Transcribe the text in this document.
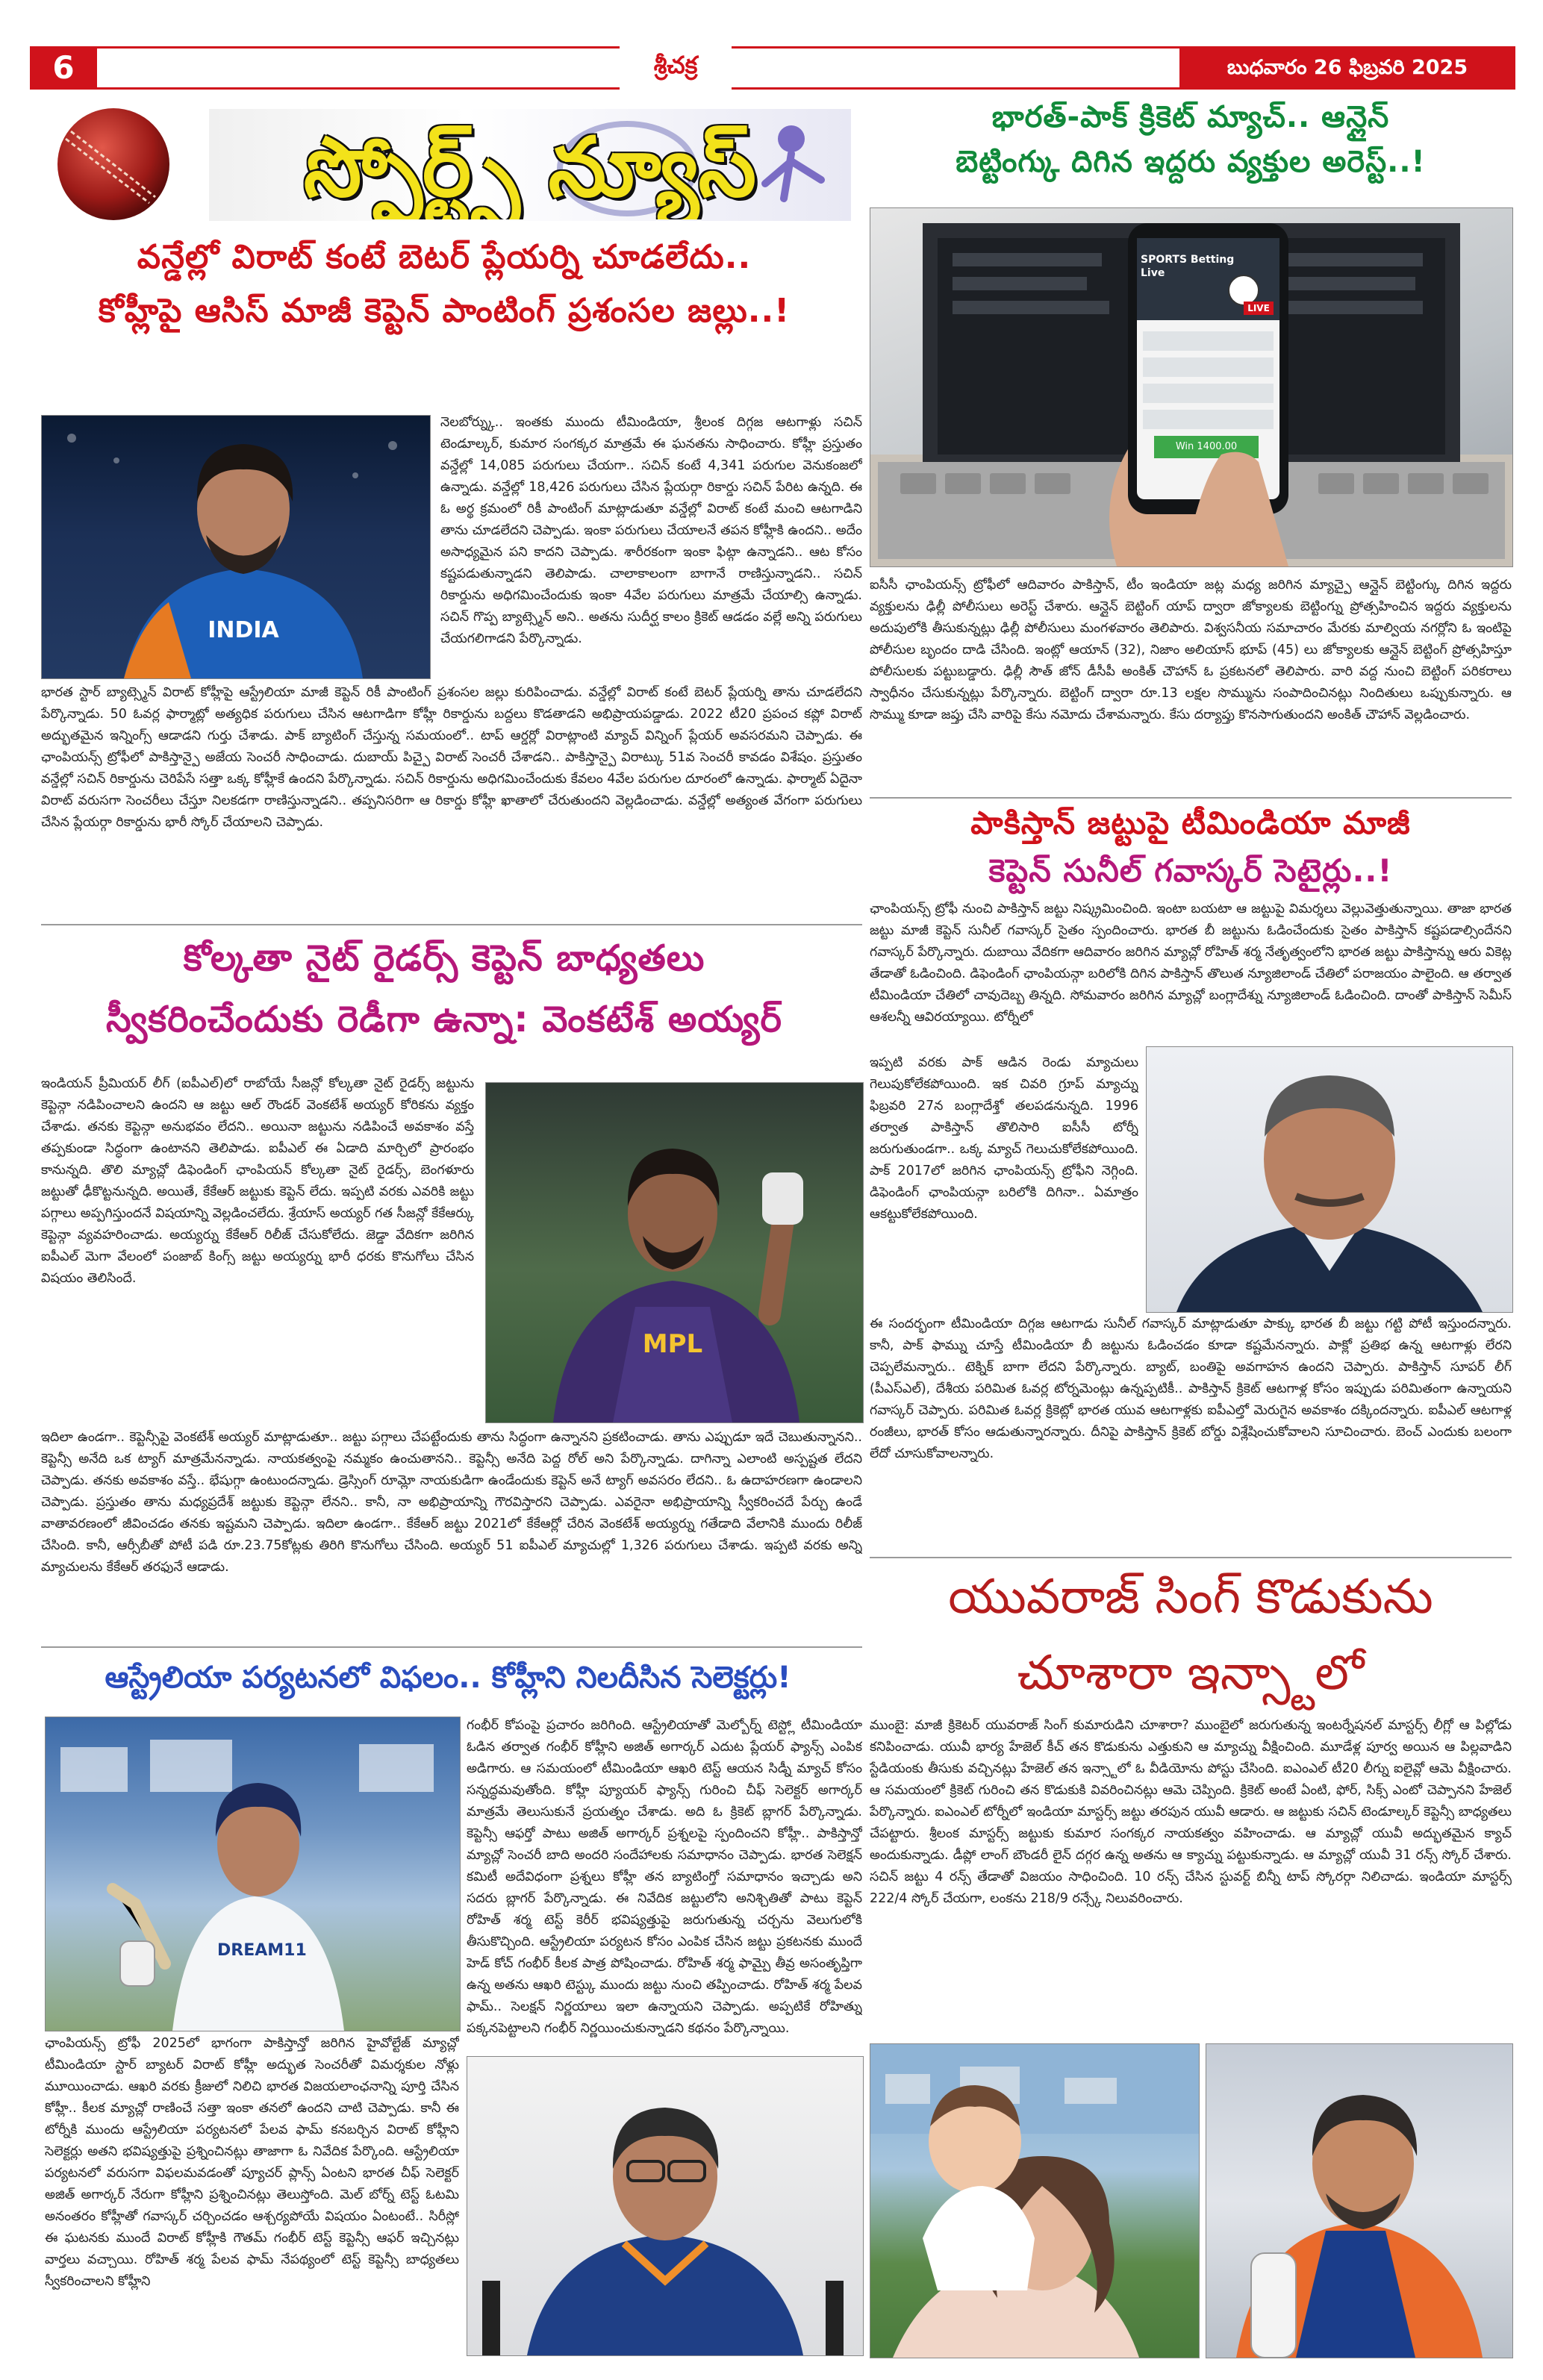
6	శ్రీచక్ర	బుధవారం 26 ఫిబ్రవరి 2025
స్పోర్ట్స్ న్యూస్
భారత్-పాక్ క్రికెట్ మ్యాచ్.. ఆన్లైన్
బెట్టింగ్కు దిగిన ఇద్దరు వ్యక్తుల అరెస్ట్..!
SPORTS Betting Live
LIVE
Win 1400.00

ఐసీసీ ఛాంపియన్స్ ట్రోఫీలో ఆదివారం పాకిస్తాన్, టీం ఇండియా జట్ల మధ్య జరిగిన మ్యాచ్పై ఆన్లైన్ బెట్టింగ్కు దిగిన ఇద్దరు వ్యక్తులను ఢిల్లీ పోలీసులు అరెస్ట్ చేశారు. ఆన్లైన్ బెట్టింగ్ యాప్ ద్వారా జోక్యాలకు బెట్టింగ్ను ప్రోత్సహించిన ఇద్దరు వ్యక్తులను అదుపులోకి తీసుకున్నట్లు ఢిల్లీ పోలీసులు మంగళవారం తెలిపారు. విశ్వసనీయ సమాచారం మేరకు మాల్వియ నగర్లోని ఓ ఇంటిపై పోలీసుల బృందం దాడి చేసింది. ఇంట్లో ఆయాన్ (32), నిజాం అలియాస్ భూప్ (45) లు జోక్యాలకు ఆన్లైన్ బెట్టింగ్ ప్రోత్సహిస్తూ పోలీసులకు పట్టుబడ్డారు. ఢిల్లీ సౌత్ జోన్ డీసీపీ అంకిత్ చౌహాన్ ఓ ప్రకటనలో తెలిపారు. వారి వద్ద నుంచి బెట్టింగ్ పరికరాలు స్వాధీనం చేసుకున్నట్లు పేర్కొన్నారు. బెట్టింగ్ ద్వారా రూ.13 లక్షల సొమ్మును సంపాదించినట్లు నిందితులు ఒప్పుకున్నారు. ఆ సొమ్ము కూడా జప్తు చేసి వారిపై కేసు నమోదు చేశామన్నారు. కేసు దర్యాప్తు కొనసాగుతుందని అంకిత్ చౌహాన్ వెల్లడించారు.

పాకిస్తాన్ జట్టుపై టీమిండియా మాజీ
కెప్టెన్ సునీల్ గవాస్కర్ సెటైర్లు..!

ఛాంపియన్స్ ట్రోఫీ నుంచి పాకిస్తాన్ జట్టు నిష్క్రమించింది. ఇంటా బయటా ఆ జట్టుపై విమర్శలు వెల్లువెత్తుతున్నాయి. తాజా భారత జట్టు మాజీ కెప్టెన్ సునీల్ గవాస్కర్ సైతం స్పందించారు. భారత బీ జట్టును ఓడించేందుకు సైతం పాకిస్తాన్ కష్టపడాల్సిందేనని గవాస్కర్ పేర్కొన్నారు. దుబాయి వేదికగా ఆదివారం జరిగిన మ్యాచ్లో రోహిత్ శర్మ నేతృత్వంలోని భారత జట్టు పాకిస్తాన్ను ఆరు వికెట్ల తేడాతో ఓడించింది. డిఫెండింగ్ ఛాంపియన్గా బరిలోకి దిగిన పాకిస్తాన్ తొలుత న్యూజిలాండ్ చేతిలో పరాజయం పాలైంది. ఆ తర్వాత టీమిండియా చేతిలో చావుదెబ్బ తిన్నది. సోమవారం జరిగిన మ్యాచ్లో బంగ్లాదేశ్ను న్యూజిలాండ్ ఓడించింది. దాంతో పాకిస్తాన్ సెమీస్ ఆశలన్నీ ఆవిరయ్యాయి. టోర్నీలో

ఇప్పటి వరకు పాక్ ఆడిన రెండు మ్యాచులు గెలుపుకోలేకపోయింది. ఇక చివరి గ్రూప్ మ్యాచ్ను ఫిబ్రవరి 27న బంగ్లాదేశ్తో తలపడనున్నది. 1996 తర్వాత పాకిస్తాన్ తొలిసారి ఐసీసీ టోర్నీ జరుగుతుండగా.. ఒక్క మ్యాచ్ గెలుచుకోలేకపోయింది. పాక్ 2017లో జరిగిన ఛాంపియన్స్ ట్రోఫీని నెగ్గింది. డిఫెండింగ్ ఛాంపియన్గా బరిలోకి దిగినా.. ఏమాత్రం ఆకట్టుకోలేకపోయింది.

ఈ సందర్భంగా టీమిండియా దిగ్గజ ఆటగాడు సునీల్ గవాస్కర్ మాట్లాడుతూ పాక్కు భారత బీ జట్టు గట్టి పోటీ ఇస్తుందన్నారు. కానీ, పాక్ ఫామ్ను చూస్తే టీమిండియా బీ జట్టును ఓడించడం కూడా కష్టమేనన్నారు. పాక్లో ప్రతిభ ఉన్న ఆటగాళ్లు లేరని చెప్పలేమన్నారు.. టెక్నిక్ బాగా లేదని పేర్కొన్నారు. బ్యాట్, బంతిపై అవగాహన ఉందని చెప్పారు. పాకిస్తాన్ సూపర్ లీగ్ (పీఎస్ఎల్), దేశీయ పరిమిత ఓవర్ల టోర్నమెంట్లు ఉన్నప్పటికీ.. పాకిస్తాన్ క్రికెట్ ఆటగాళ్ల కోసం ఇప్పుడు పరిమితంగా ఉన్నాయని గవాస్కర్ చెప్పారు. పరిమిత ఓవర్ల క్రికెట్లో భారత యువ ఆటగాళ్లకు ఐపీఎల్తో మెరుగైన అవకాశం దక్కిందన్నారు. ఐపీఎల్ ఆటగాళ్ల రంజీలు, భారత్ కోసం ఆడుతున్నారన్నారు. దీనిపై పాకిస్తాన్ క్రికెట్ బోర్డు విశ్లేషించుకోవాలని సూచించారు. బెంచ్ ఎందుకు బలంగా లేదో చూసుకోవాలన్నారు.

యువరాజ్ సింగ్ కొడుకును
చూశారా ఇన్స్టాలో

ముంబై: మాజీ క్రికెటర్ యువరాజ్ సింగ్ కుమారుడిని చూశారా? ముంబైలో జరుగుతున్న ఇంటర్నేషనల్ మాస్టర్స్ లీగ్లో ఆ పిల్లోడు కనిపించాడు. యువీ భార్య హేజెల్ కీచ్ తన కొడుకును ఎత్తుకుని ఆ మ్యాచ్ను వీక్షించింది. మూడేళ్ల పూర్వ అయిన ఆ పిల్లవాడిని స్టేడియంకు తీసుకు వచ్చినట్లు హేజెల్ తన ఇన్స్టాలో ఓ వీడియోను పోస్టు చేసింది. ఐఎంఎల్ టీ20 లీగ్ను ఐలైవ్లో ఆమె వీక్షించారు. ఆ సమయంలో క్రికెట్ గురించి తన కొడుకుకి వివరించినట్లు ఆమె చెప్పింది. క్రికెట్ అంటే ఏంటి, ఫోర్, సిక్స్ ఎంటో చెప్పానని హేజెల్ పేర్కొన్నారు. ఐఎంఎల్ టోర్నీలో ఇండియా మాస్టర్స్ జట్టు తరపున యువీ ఆడారు. ఆ జట్టుకు సచిన్ టెండూల్కర్ కెప్టెన్సీ బాధ్యతలు చేపట్టారు. శ్రీలంక మాస్టర్స్ జట్టుకు కుమార సంగక్కర నాయకత్వం వహించాడు. ఆ మ్యాచ్లో యువీ అద్భుతమైన క్యాచ్ అందుకున్నాడు. డీప్లో లాంగ్ బౌండరీ లైన్ దగ్గర ఉన్న అతను ఆ క్యాచ్ను పట్టుకున్నాడు. ఆ మ్యాచ్లో యువీ 31 రన్స్ స్కోర్ చేశారు. సచిన్ జట్టు 4 రన్స్ తేడాతో విజయం సాధించింది. 10 రన్స్ చేసిన స్టువర్ట్ బిన్నీ టాప్ స్కోరర్గా నిలిచాడు. ఇండియా మాస్టర్స్ 222/4 స్కోర్ చేయగా, లంకను 218/9 రన్స్కే నిలువరించారు.

వన్డేల్లో విరాట్ కంటే బెటర్ ప్లేయర్ని చూడలేదు..
కోహ్లీపై ఆసిస్ మాజీ కెప్టెన్ పాంటింగ్ ప్రశంసల జల్లు..!
INDIA

నెలబోర్న్కు.. ఇంతకు ముందు టీమిండియా, శ్రీలంక దిగ్గజ ఆటగాళ్లు సచిన్ టెండూల్కర్, కుమార సంగక్కర మాత్రమే ఈ ఘనతను సాధించారు. కోహ్లీ ప్రస్తుతం వన్డేల్లో 14,085 పరుగులు చేయగా.. సచిన్ కంటే 4,341 పరుగుల వెనుకంజలో ఉన్నాడు. వన్డేల్లో 18,426 పరుగులు చేసిన ప్లేయర్గా రికార్డు సచిన్ పేరిట ఉన్నది. ఈ ఓ అర్థ క్రమంలో రికీ పాంటింగ్ మాట్లాడుతూ వన్డేల్లో విరాట్ కంటే మంచి ఆటగాడిని తాను చూడలేదని చెప్పాడు. ఇంకా పరుగులు చేయాలనే తపన కోహ్లీకి ఉందని.. అదేం అసాధ్యమైన పని కాదని చెప్పాడు. శారీరకంగా ఇంకా ఫిట్గా ఉన్నాడని.. ఆట కోసం కష్టపడుతున్నాడని తెలిపాడు. చాలాకాలంగా బాగానే రాణిస్తున్నాడని.. సచిన్ రికార్డును అధిగమించేందుకు ఇంకా 4వేల పరుగులు మాత్రమే చేయాల్సి ఉన్నాడు. సచిన్ గొప్ప బ్యాట్స్మెన్ అని.. అతను సుదీర్ఘ కాలం క్రికెట్ ఆడడం వల్లే అన్ని పరుగులు చేయగలిగాడని పేర్కొన్నాడు.

భారత స్టార్ బ్యాట్స్మెన్ విరాట్ కోహ్లీపై ఆస్ట్రేలియా మాజీ కెప్టెన్ రికీ పాంటింగ్ ప్రశంసల జల్లు కురిపించాడు. వన్డేల్లో విరాట్ కంటే బెటర్ ప్లేయర్ని తాను చూడలేదని పేర్కొన్నాడు. 50 ఓవర్ల ఫార్మాట్లో అత్యధిక పరుగులు చేసిన ఆటగాడిగా కోహ్లీ రికార్డును బద్దలు కొడతాడని అభిప్రాయపడ్డాడు. 2022 టీ20 ప్రపంచ కప్లో విరాట్ అద్భుతమైన ఇన్నింగ్స్ ఆడాడని గుర్తు చేశాడు. పాక్ బ్యాటింగ్ చేస్తున్న సమయంలో.. టాప్ ఆర్డర్లో విరాట్లాంటి మ్యాచ్ విన్నింగ్ ప్లేయర్ అవసరమని చెప్పాడు. ఈ ఛాంపియన్స్ ట్రోఫీలో పాకిస్తాన్పై అజేయ సెంచరీ సాధించాడు. దుబాయ్ పిచ్పై విరాట్ సెంచరీ చేశాడని.. పాకిస్తాన్పై విరాట్కు 51వ సెంచరీ కావడం విశేషం. ప్రస్తుతం వన్డేల్లో సచిన్ రికార్డును చెరిపేసే సత్తా ఒక్క కోహ్లీకే ఉందని పేర్కొన్నాడు. సచిన్ రికార్డును అధిగమించేందుకు కేవలం 4వేల పరుగుల దూరంలో ఉన్నాడు. ఫార్మాట్ ఏదైనా విరాట్ వరుసగా సెంచరీలు చేస్తూ నిలకడగా రాణిస్తున్నాడని.. తప్పనిసరిగా ఆ రికార్డు కోహ్లీ ఖాతాలో చేరుతుందని వెల్లడించాడు. వన్డేల్లో అత్యంత వేగంగా పరుగులు చేసిన ప్లేయర్గా రికార్డును భారీ స్కోర్ చేయాలని చెప్పాడు.

కోల్కతా నైట్ రైడర్స్ కెప్టెన్ బాధ్యతలు
స్వీకరించేందుకు రెడీగా ఉన్నా: వెంకటేశ్ అయ్యర్

ఇండియన్ ప్రీమియర్ లీగ్ (ఐపీఎల్)లో రాబోయే సీజన్లో కోల్కతా నైట్ రైడర్స్ జట్టును కెప్టెన్గా నడిపించాలని ఉందని ఆ జట్టు ఆల్ రౌండర్ వెంకటేశ్ అయ్యర్ కోరికను వ్యక్తం చేశాడు. తనకు కెప్టెన్గా అనుభవం లేదని.. అయినా జట్టును నడిపించే అవకాశం వస్తే తప్పకుండా సిద్ధంగా ఉంటానని తెలిపాడు. ఐపీఎల్ ఈ ఏడాది మార్చిలో ప్రారంభం కానున్నది. తొలి మ్యాచ్లో డిఫెండింగ్ ఛాంపియన్ కోల్కతా నైట్ రైడర్స్, బెంగళూరు జట్టుతో ఢీకొట్టనున్నది. అయితే, కేకేఆర్ జట్టుకు కెప్టెన్ లేదు. ఇప్పటి వరకు ఎవరికి జట్టు పగ్గాలు అప్పగిస్తుందనే విషయాన్ని వెల్లడించలేదు. శ్రేయాస్ అయ్యర్ గత సీజన్లో కేకేఆర్కు కెప్టెన్గా వ్యవహరించాడు. అయ్యర్ను కేకేఆర్ రిలీజ్ చేసుకోలేదు. జెడ్డా వేదికగా జరిగిన ఐపీఎల్ మెగా వేలంలో పంజాబ్ కింగ్స్ జట్టు అయ్యర్ను భారీ ధరకు కొనుగోలు చేసిన విషయం తెలిసిందే.

MPL

ఇదిలా ఉండగా.. కెప్టెన్సీపై వెంకటేశ్ అయ్యర్ మాట్లాడుతూ.. జట్టు పగ్గాలు చేపట్టేందుకు తాను సిద్ధంగా ఉన్నానని ప్రకటించాడు. తాను ఎప్పుడూ ఇదే చెబుతున్నానని.. కెప్టెన్సీ అనేది ఒక ట్యాగ్ మాత్రమేనన్నాడు. నాయకత్వంపై నమ్మకం ఉంచుతానని.. కెప్టెన్సీ అనేది పెద్ద రోల్ అని పేర్కొన్నాడు. దాగిన్నా ఎలాంటి అస్పష్టత లేదని చెప్పాడు. తనకు అవకాశం వస్తే.. భేషుగ్గా ఉంటుందన్నాడు. డ్రెస్సింగ్ రూమ్లో నాయకుడిగా ఉండేందుకు కెప్టెన్ అనే ట్యాగ్ అవసరం లేదని.. ఓ ఉదాహరణగా ఉండాలని చెప్పాడు. ప్రస్తుతం తాను మధ్యప్రదేశ్ జట్టుకు కెప్టెన్గా లేనని.. కానీ, నా అభిప్రాయాన్ని గౌరవిస్తారని చెప్పాడు. ఎవరైనా అభిప్రాయాన్ని స్వీకరించదే పేర్చు ఉండే వాతావరణంలో జీవించడం తనకు ఇష్టమని చెప్పాడు. ఇదిలా ఉండగా.. కేకేఆర్ జట్టు 2021లో కేకేఆర్లో చేరిన వెంకటేశ్ అయ్యర్ను గతేడాది వేలానికి ముందు రిలీజ్ చేసింది. కానీ, ఆర్సీబీతో పోటీ పడి రూ.23.75కోట్లకు తిరిగి కొనుగోలు చేసింది. అయ్యర్ 51 ఐపీఎల్ మ్యాచుల్లో 1,326 పరుగులు చేశాడు. ఇప్పటి వరకు అన్ని మ్యాచులను కేకేఆర్ తరఫునే ఆడాడు.

ఆస్ట్రేలియా పర్యటనలో విఫలం.. కోహ్లీని నిలదీసిన సెలెక్టర్లు!
DREAM11

గంభీర్ కోపంపై ప్రచారం జరిగింది. ఆస్ట్రేలియాతో మెల్బోర్న్ టెస్ట్లో టీమిండియా ఓడిన తర్వాత గంభీర్ కోహ్లీని అజిత్ అగార్కర్ ఎదుట ప్లేయర్ ఫ్యాన్స్ ఎంపిక అడిగారు. ఆ సమయంలో టీమిండియా ఆఖరి టెస్ట్ ఆయన సిడ్నీ మ్యాచ్ కోసం సన్నద్ధమవుతోంది. కోహ్లీ ప్యూయర్ ఫ్యాన్స్ గురించి చీఫ్ సెలెక్టర్ అగార్కర్ మాత్రమే తెలుసుకునే ప్రయత్నం చేశాడు. అది ఓ క్రికెట్ బ్లాగర్ పేర్కొన్నాడు. కెప్టెన్సీ ఆఫర్తో పాటు అజిత్ అగార్కర్ ప్రశ్నలపై స్పందించని కోహ్లీ.. పాకిస్తాన్తో మ్యాచ్లో సెంచరీ బాది అందరి సందేహాలకు సమాధానం చెప్పాడు. భారత సెలెక్షన్ కమిటీ అదేవిధంగా ప్రశ్నలు కోహ్లీ తన బ్యాటింగ్తో సమాధానం ఇచ్చాడు అని సదరు బ్లాగర్ పేర్కొన్నాడు. ఈ నివేదిక జట్టులోని అనిశ్చితితో పాటు కెప్టెన్ రోహిత్ శర్మ టెస్ట్ కెరీర్ భవిష్యత్తుపై జరుగుతున్న చర్చను వెలుగులోకి తీసుకొచ్చింది. ఆస్ట్రేలియా పర్యటన కోసం ఎంపిక చేసిన జట్టు ప్రకటనకు ముందే హెడ్ కోచ్ గంభీర్ కీలక పాత్ర పోషించాడు. రోహిత్ శర్మ ఫామ్పై తీవ్ర అసంతృప్తిగా ఉన్న అతను ఆఖరి టెస్ట్కు ముందు జట్టు నుంచి తప్పించాడు. రోహిత్ శర్మ పేలవ ఫామ్.. సెలక్షన్ నిర్ణయాలు ఇలా ఉన్నాయని చెప్పాడు. అప్పటికే రోహిత్ను పక్కనపెట్టాలని గంభీర్ నిర్ణయించుకున్నాడని కథనం పేర్కొన్నాయి.

ఛాంపియన్స్ ట్రోఫీ 2025లో భాగంగా పాకిస్తాన్తో జరిగిన హైవోల్టేజ్ మ్యాచ్లో టీమిండియా స్టార్ బ్యాటర్ విరాట్ కోహ్లీ అద్భుత సెంచరీతో విమర్శకుల నోళ్లు మూయించాడు. ఆఖరి వరకు క్రీజులో నిలిచి భారత విజయలాంఛనాన్ని పూర్తి చేసిన కోహ్లీ.. కీలక మ్యాచ్లో రాణించే సత్తా ఇంకా తనలో ఉందని చాటి చెప్పాడు. కానీ ఈ టోర్నీకి ముందు ఆస్ట్రేలియా పర్యటనలో పేలవ ఫామ్ కనబర్చిన విరాట్ కోహ్లీని సెలెక్టర్లు అతని భవిష్యత్తుపై ప్రశ్నించినట్లు తాజాగా ఓ నివేదిక పేర్కొంది. ఆస్ట్రేలియా పర్యటనలో వరుసగా విఫలమవడంతో ప్యూచర్ ప్లాన్స్ ఏంటని భారత చీఫ్ సెలెక్టర్ అజిత్ అగార్కర్ నేరుగా కోహ్లీని ప్రశ్నించినట్లు తెలుస్తోంది. మెల్ బోర్న్ టెస్ట్ ఓటమి అనంతరం కోహ్లీతో గవాస్కర్ చర్చించడం ఆశ్చర్యపోయే విషయం ఏంటంటే.. సిరీస్లో ఈ ఘటనకు ముందే విరాట్ కోహ్లీకి గౌతమ్ గంభీర్ టెస్ట్ కెప్టెన్సీ ఆఫర్ ఇచ్చినట్లు వార్తలు వచ్చాయి. రోహిత్ శర్మ పేలవ ఫామ్ నేపథ్యంలో టెస్ట్ కెప్టెన్సీ బాధ్యతలు స్వీకరించాలని కోహ్లీని
